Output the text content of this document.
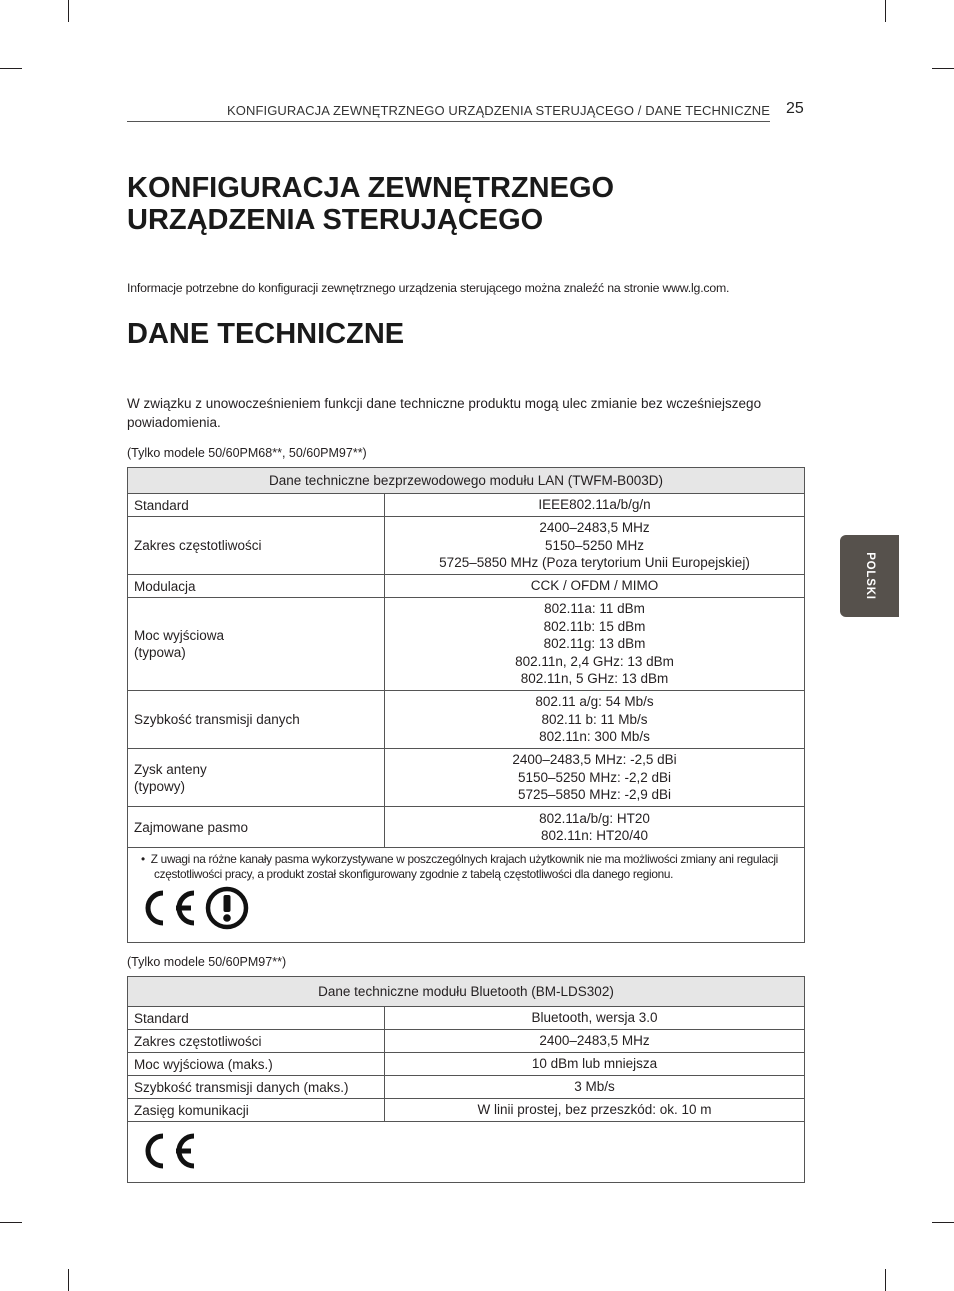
KONFIGURACJA ZEWNĘTRZNEGO URZĄDZENIA STERUJĄCEGO / DANE TECHNICZNE 25
POLSKI
KONFIGURACJA ZEWNĘTRZNEGO
URZĄDZENIA STERUJĄCEGO

Informacje potrzebne do konfiguracji zewnętrznego urządzenia sterującego można znaleźć na stronie www.lg.com.

DANE TECHNICZNE

W związku z unowocześnieniem funkcji dane techniczne produktu mogą ulec zmianie bez wcześniejszego powiadomienia.

(Tylko modele 50/60PM68**, 50/60PM97**)
Dane techniczne bezprzewodowego modułu LAN (TWFM-B003D)	

Standard	IEEE802.11a/b/g/n

Zakres częstotliwości	2400–2483,5 MHz
5150–5250 MHz
5725–5850 MHz (Poza terytorium Unii Europejskiej)

Modulacja	CCK / OFDM / MIMO

Moc wyjściowa
(typowa)	802.11a: 11 dBm
802.11b: 15 dBm
802.11g: 13 dBm
802.11n, 2,4 GHz: 13 dBm
802.11n, 5 GHz: 13 dBm

Szybkość transmisji danych	802.11 a/g: 54 Mb/s
802.11 b: 11 Mb/s
802.11n: 300 Mb/s

Zysk anteny
(typowy)	2400–2483,5 MHz: -2,5 dBi
5150–5250 MHz: -2,2 dBi
5725–5850 MHz: -2,9 dBi

Zajmowane pasmo	802.11a/b/g: HT20
802.11n: HT20/40

•  Z uwagi na różne kanały pasma wykorzystywane w poszczególnych krajach użytkownik nie ma możliwości zmiany ani regulacji częstotliwości pracy, a produkt został skonfigurowany zgodnie z tabelą częstotliwości dla danego regionu.	
(Tylko modele 50/60PM97**)
Dane techniczne modułu Bluetooth (BM-LDS302)	
Standard	Bluetooth, wersja 3.0
Zakres częstotliwości	2400–2483,5 MHz
Moc wyjściowa (maks.)	10 dBm lub mniejsza
Szybkość transmisji danych (maks.)	3 Mb/s
Zasięg komunikacji	W linii prostej, bez przeszkód: ok. 10 m
